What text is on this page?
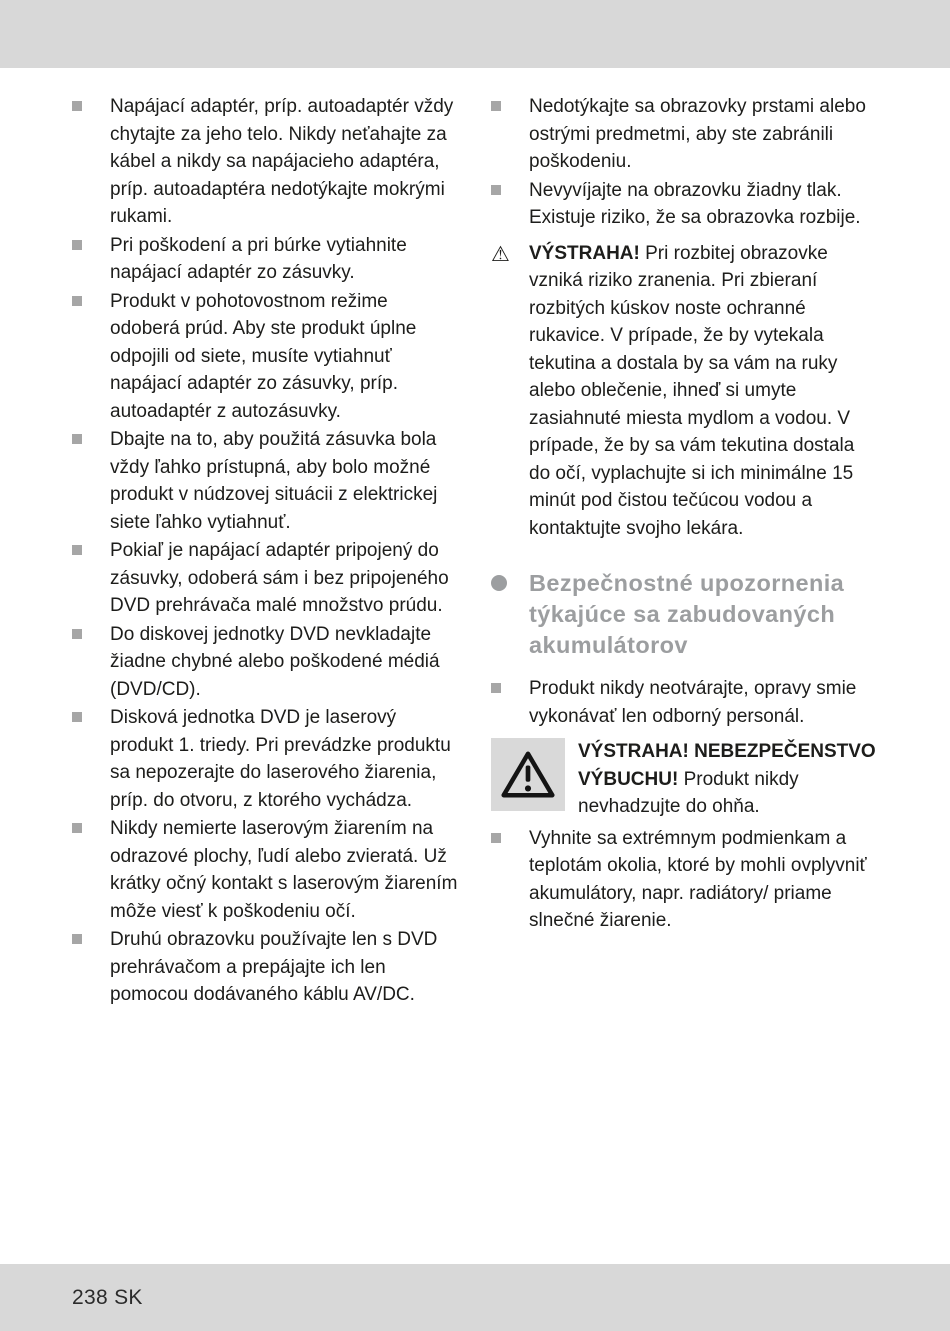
Napájací adaptér, príp. autoadaptér vždy chytajte za jeho telo. Nikdy neťahajte za kábel a nikdy sa napájacieho adaptéra, príp. autoadaptéra nedotýkajte mokrými rukami.
Pri poškodení a pri búrke vytiahnite napájací adaptér zo zásuvky.
Produkt v pohotovostnom režime odoberá prúd. Aby ste produkt úplne odpojili od siete, musíte vytiahnuť napájací adaptér zo zásuvky, príp. autoadaptér z autozásuvky.
Dbajte na to, aby použitá zásuvka bola vždy ľahko prístupná, aby bolo možné produkt v núdzovej situácii z elektrickej siete ľahko vytiahnuť.
Pokiaľ je napájací adaptér pripojený do zásuvky, odoberá sám i bez pripojeného DVD prehrávača malé množstvo prúdu.
Do diskovej jednotky DVD nevkladajte žiadne chybné alebo poškodené médiá (DVD/CD).
Disková jednotka DVD je laserový produkt 1. triedy. Pri prevádzke produktu sa nepozerajte do laserového žiarenia, príp. do otvoru, z ktorého vychádza.
Nikdy nemierte laserovým žiarením na odrazové plochy, ľudí alebo zvieratá. Už krátky očný kontakt s laserovým žiarením môže viesť k poškodeniu očí.
Druhú obrazovku používajte len s DVD prehrávačom a prepájajte ich len pomocou dodávaného káblu AV/DC.
Nedotýkajte sa obrazovky prstami alebo ostrými predmetmi, aby ste zabránili poškodeniu.
Nevyvíjajte na obrazovku žiadny tlak. Existuje riziko, že sa obrazovka rozbije.
⚠	VÝSTRAHA! Pri rozbitej obrazovke vzniká riziko zranenia. Pri zbieraní rozbitých kúskov noste ochranné rukavice. V prípade, že by vytekala tekutina a dostala by sa vám na ruky alebo oblečenie, ihneď si umyte zasiahnuté miesta mydlom a vodou. V prípade, že by sa vám tekutina dostala do očí, vyplachujte si ich minimálne 15 minút pod čistou tečúcou vodou a kontaktujte svojho lekára.

Bezpečnostné upozornenia týkajúce sa zabudovaných akumulátorov
Produkt nikdy neotvárajte, opravy smie vykonávať len odborný personál.

VÝSTRAHA! NEBEZPEČENSTVO VÝBUCHU! Produkt nikdy nevhadzujte do ohňa.

Vyhnite sa extrémnym podmienkam a teplotám okolia, ktoré by mohli ovplyvniť akumulátory, napr. radiátory/ priame slnečné žiarenie.
238 SK
